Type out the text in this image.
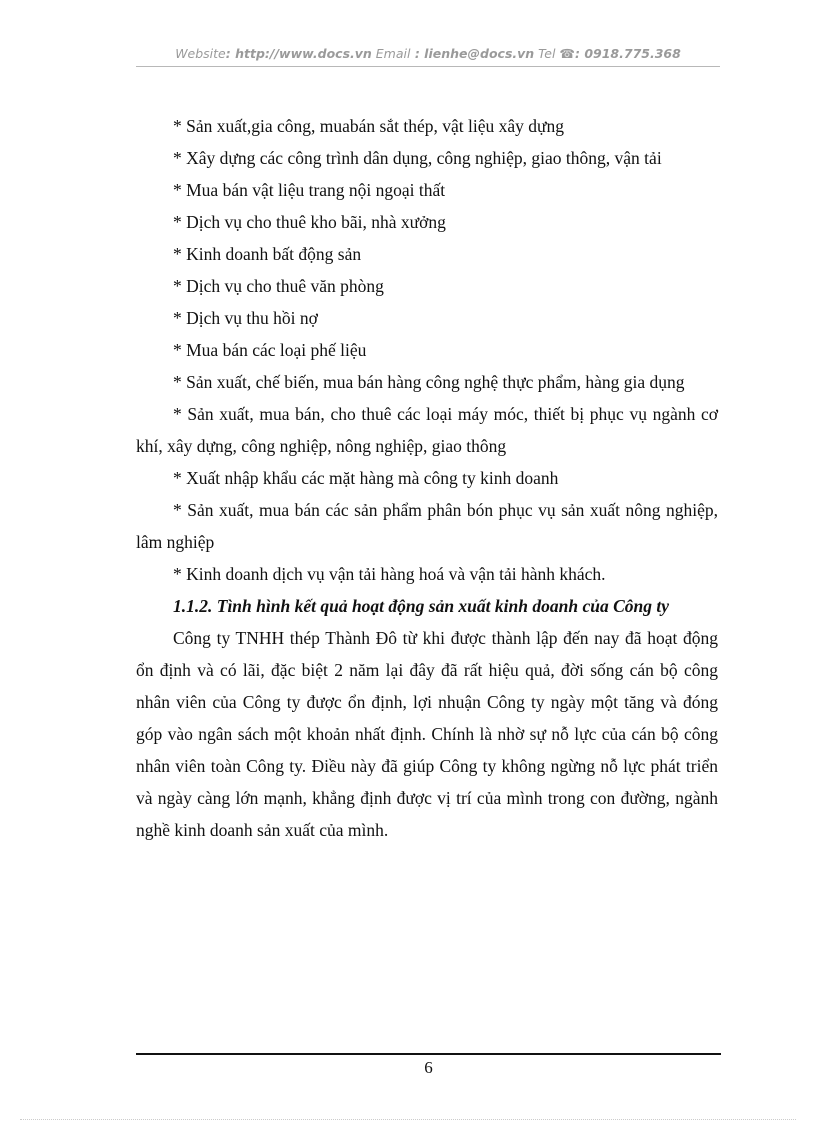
Website: http://www.docs.vn Email : lienhe@docs.vn Tel ☎: 0918.775.368

* Sản xuất,gia công, muabán sắt thép, vật liệu xây dựng

* Xây dựng các công trình dân dụng, công nghiệp, giao thông, vận tải

* Mua bán vật liệu trang nội ngoại thất

* Dịch vụ cho thuê kho bãi, nhà xưởng

* Kinh doanh bất động sản

* Dịch vụ cho thuê văn phòng

* Dịch vụ thu hồi nợ

* Mua bán các loại phế liệu

* Sản xuất, chế biến, mua bán hàng công nghệ thực phẩm, hàng gia dụng

* Sản xuất, mua bán, cho thuê các loại máy móc, thiết bị phục vụ ngành cơ khí, xây dựng, công nghiệp, nông nghiệp, giao thông

* Xuất nhập khẩu các mặt hàng mà công ty kinh doanh

* Sản xuất, mua bán các sản phẩm phân bón phục vụ sản xuất nông nghiệp, lâm nghiệp

* Kinh doanh dịch vụ vận tải hàng hoá và vận tải hành khách.

1.1.2. Tình hình kết quả hoạt động sản xuất kinh doanh của Công ty

Công ty TNHH thép Thành Đô từ khi được thành lập đến nay đã hoạt động ổn định và có lãi, đặc biệt 2 năm lại đây đã rất hiệu quả, đời sống cán bộ công nhân viên của Công ty được ổn định, lợi nhuận Công ty ngày một tăng và đóng góp vào ngân sách một khoản nhất định. Chính là nhờ sự nỗ lực của cán bộ công nhân viên toàn Công ty. Điều này đã giúp Công ty không ngừng nỗ lực phát triển và ngày càng lớn mạnh, khẳng định được vị trí của mình trong con đường, ngành nghề kinh doanh sản xuất của mình.

6
